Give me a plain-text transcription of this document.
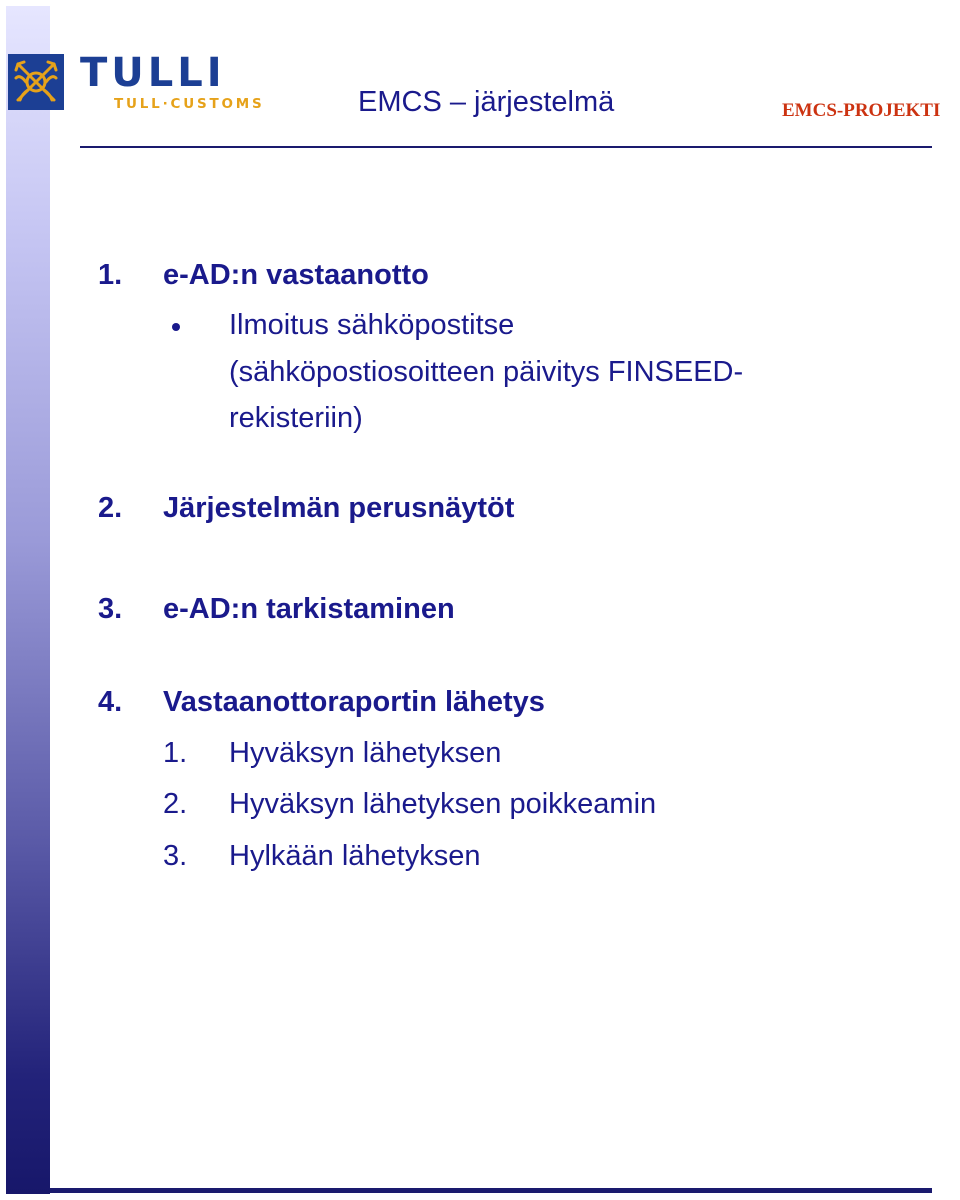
TULLI
TULL·CUSTOMS	EMCS – järjestelmä	EMCS-PROJEKTI
1. e-AD:n vastaanotto
Ilmoitus sähköpostitse
(sähköpostiosoitteen päivitys FINSEED-
rekisteriin)
2. Järjestelmän perusnäytöt
3. e-AD:n tarkistaminen
4. Vastaanottoraportin lähetys
1. Hyväksyn lähetyksen
2. Hyväksyn lähetyksen poikkeamin
3. Hylkään lähetyksen
